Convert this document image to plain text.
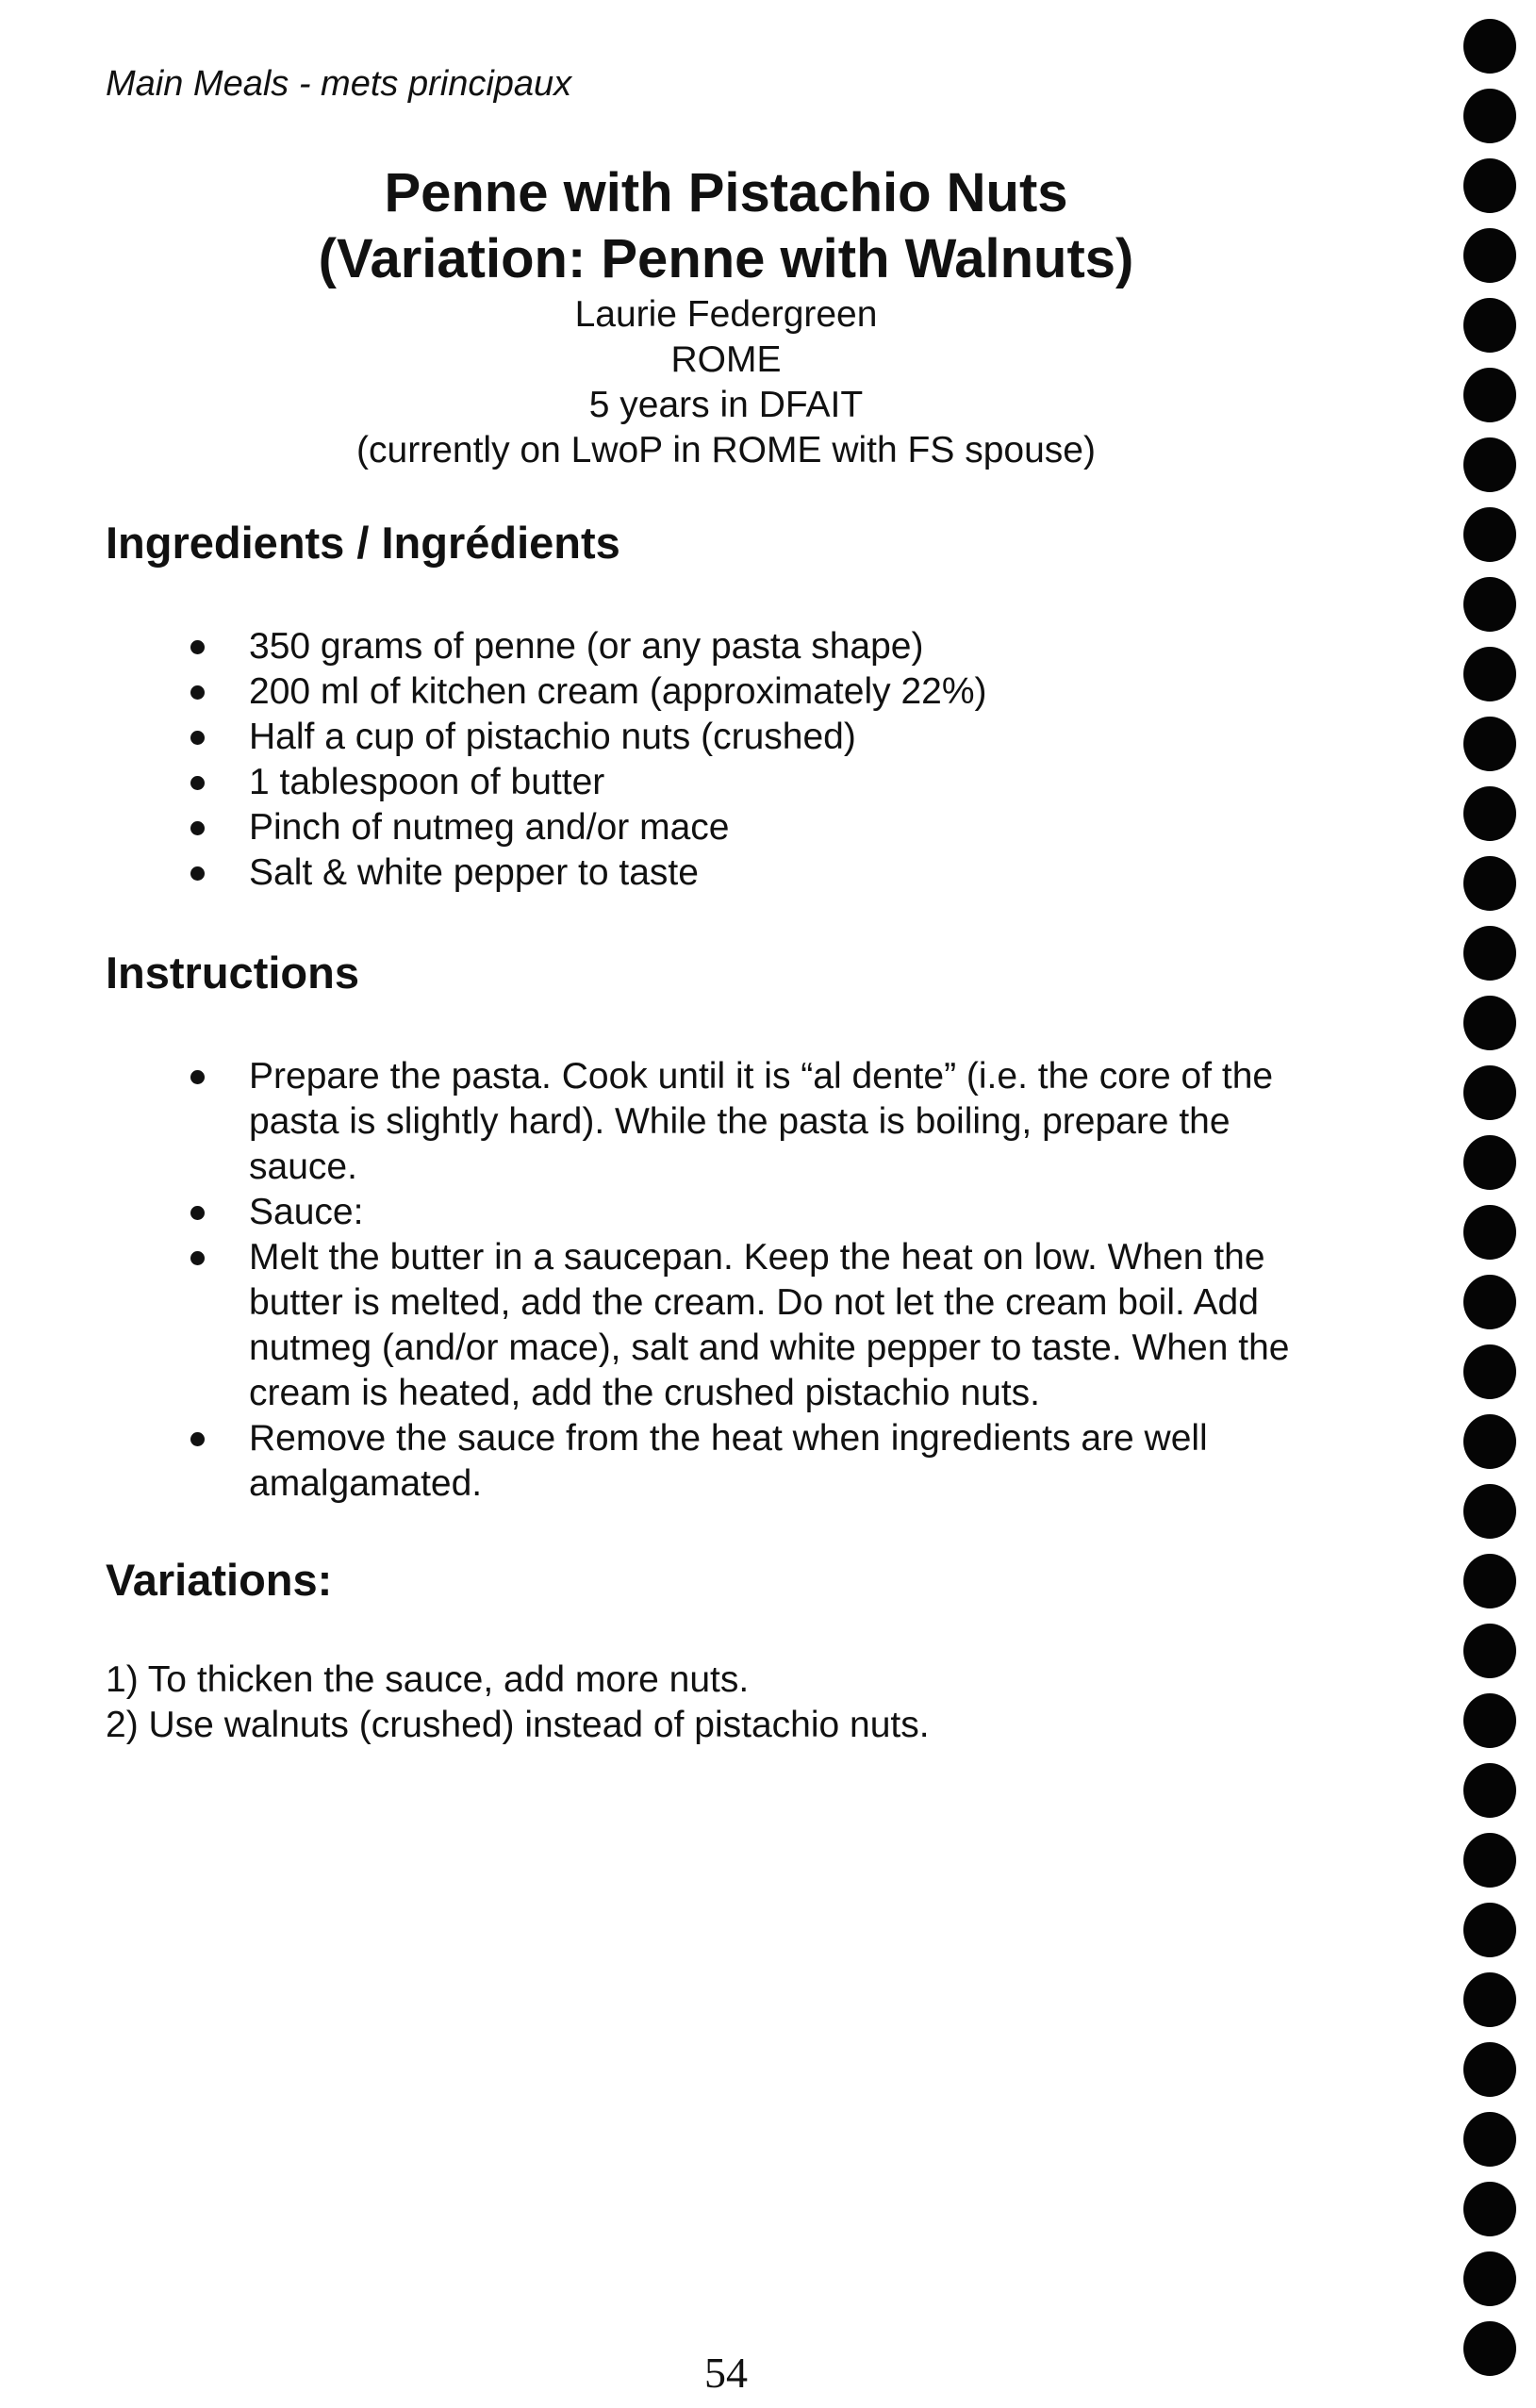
Main Meals - mets principaux
Penne with Pistachio Nuts
(Variation: Penne with Walnuts)
Laurie Federgreen
ROME
5 years in DFAIT
(currently on LwoP in ROME with FS spouse)
Ingredients / Ingrédients
350 grams of penne (or any pasta shape)
200 ml of kitchen cream (approximately 22%)
Half a cup of pistachio nuts (crushed)
1 tablespoon of butter
Pinch of nutmeg and/or mace
Salt & white pepper to taste
Instructions
Prepare the pasta. Cook until it is “al dente” (i.e. the core of the pasta is slightly hard). While the pasta is boiling, prepare the sauce.
Sauce:
Melt the butter in a saucepan. Keep the heat on low. When the butter is melted, add the cream. Do not let the cream boil. Add nutmeg (and/or mace), salt and white pepper to taste. When the cream is heated, add the crushed pistachio nuts.
Remove the sauce from the heat when ingredients are well amalgamated.
Variations:
1) To thicken the sauce, add more nuts.
2) Use walnuts (crushed) instead of pistachio nuts.
54
